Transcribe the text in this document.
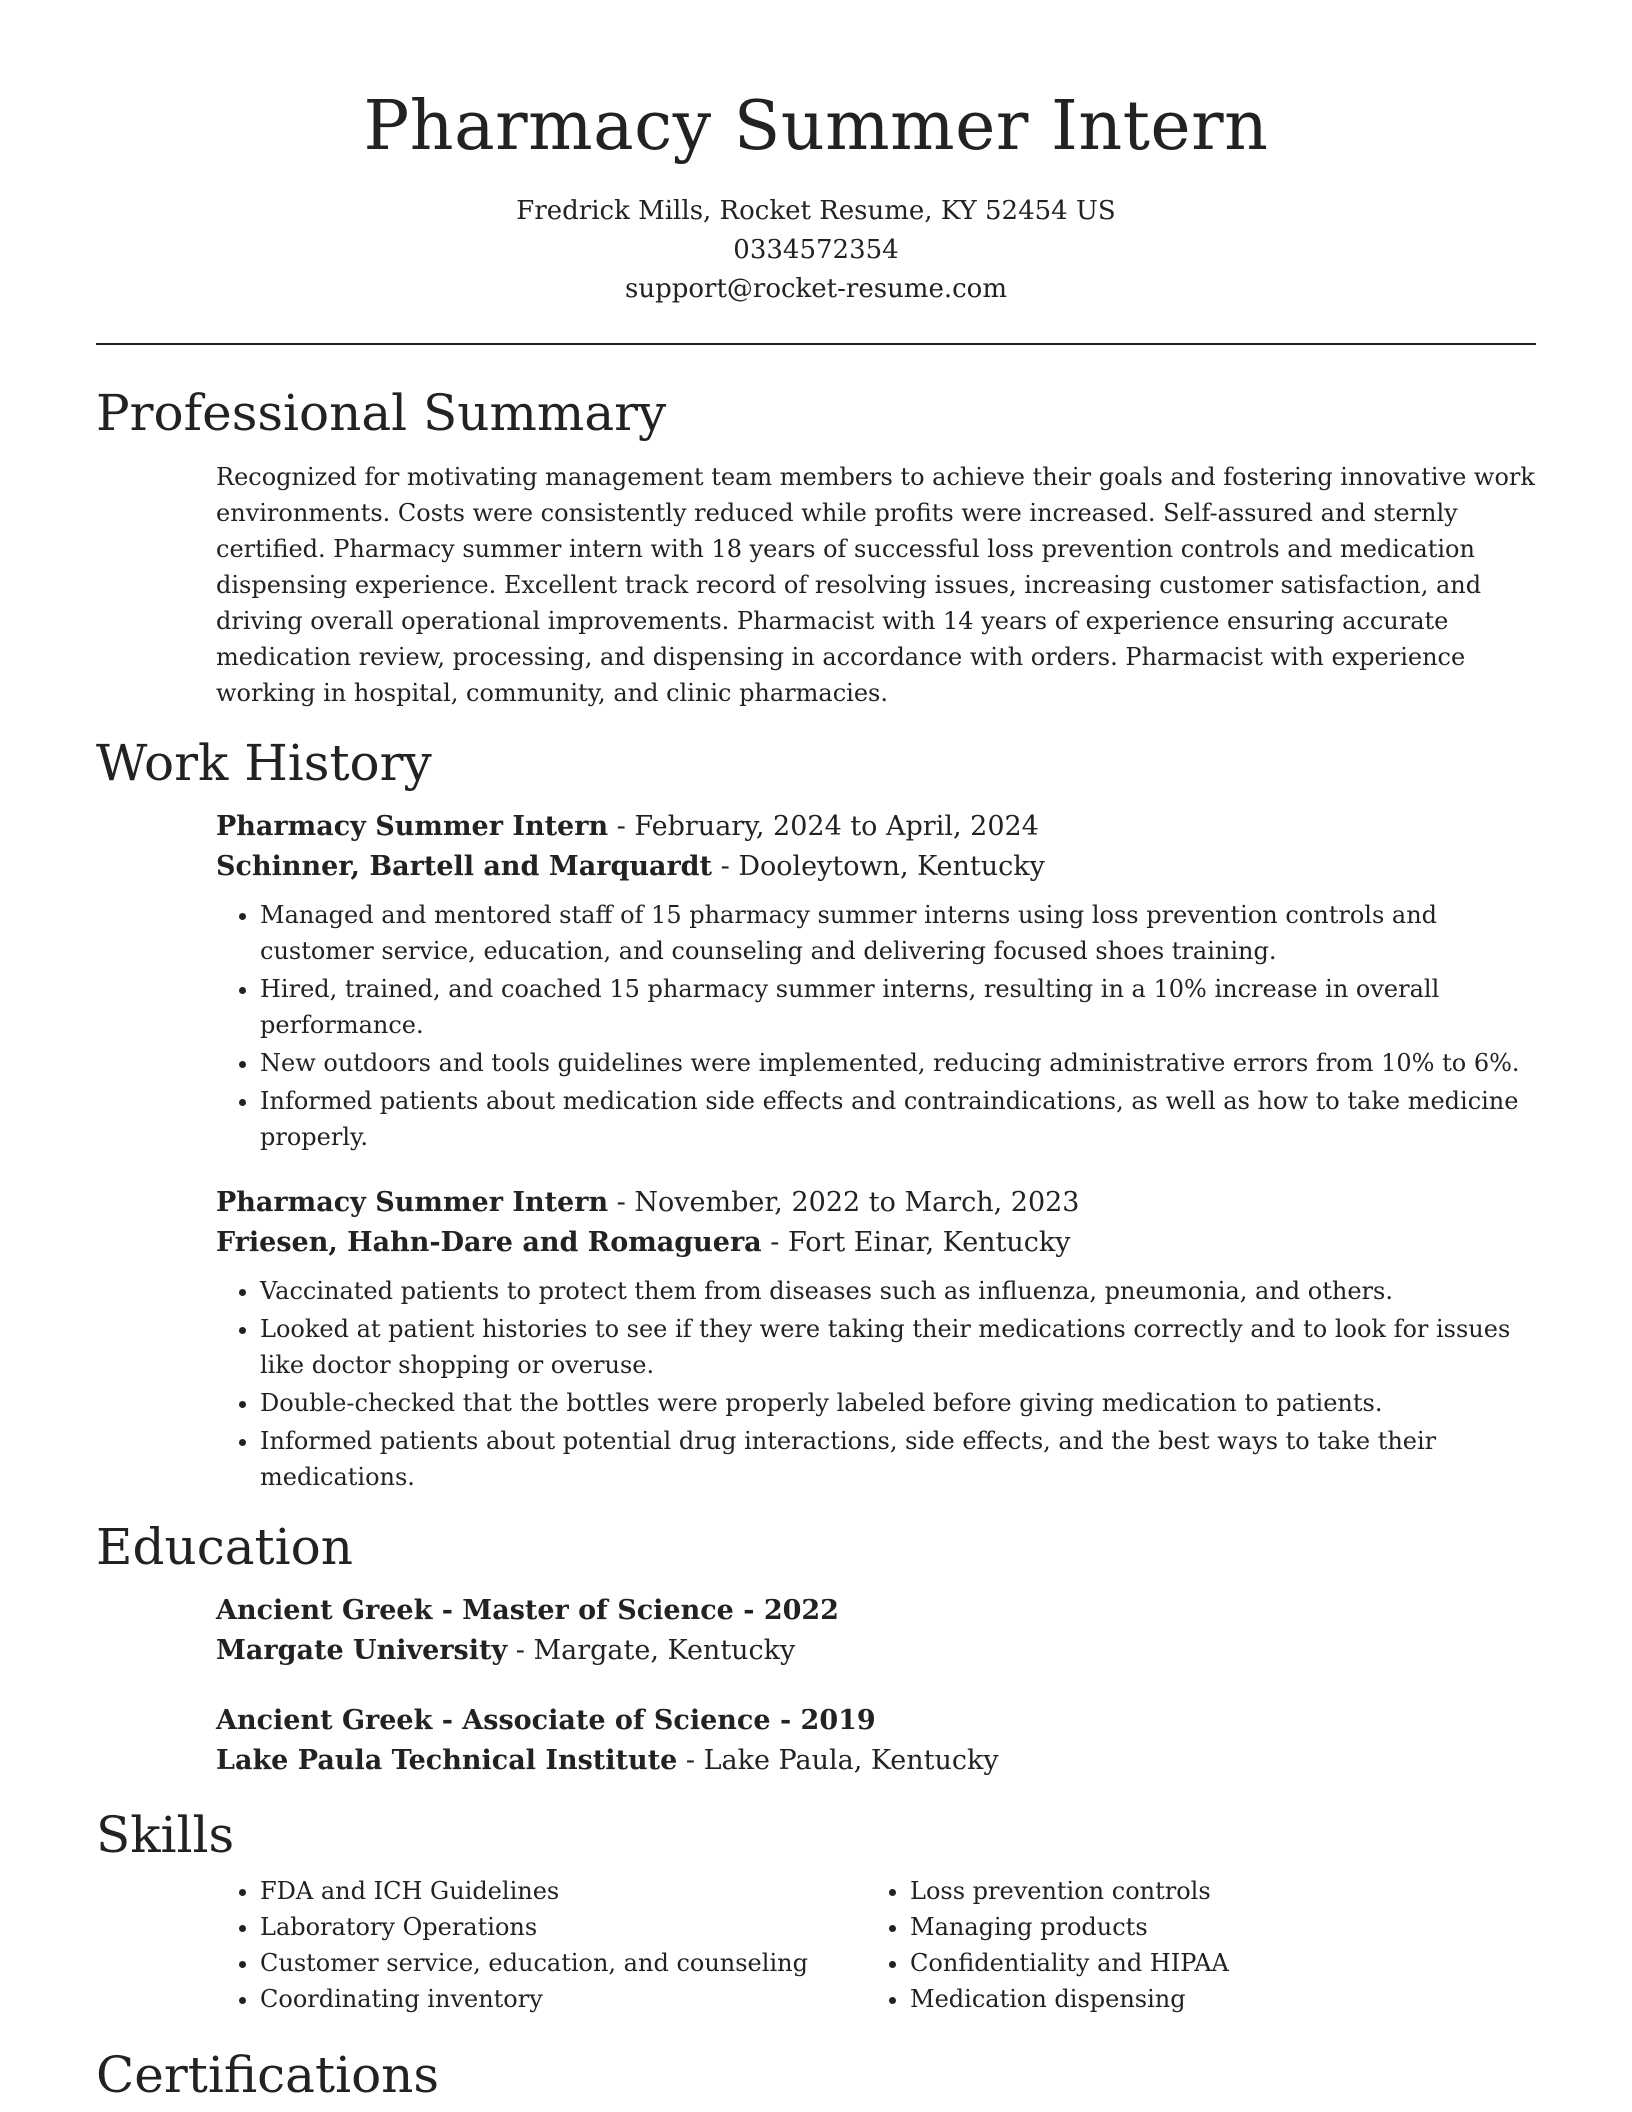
Pharmacy Summer Intern

Fredrick Mills, Rocket Resume, KY 52454 US

0334572354

support@rocket-resume.com

Professional Summary

Recognized for motivating management team members to achieve their goals and fostering innovative work environments. Costs were consistently reduced while profits were increased. Self-assured and sternly certified. Pharmacy summer intern with 18 years of successful loss prevention controls and medication dispensing experience. Excellent track record of resolving issues, increasing customer satisfaction, and driving overall operational improvements. Pharmacist with 14 years of experience ensuring accurate medication review, processing, and dispensing in accordance with orders. Pharmacist with experience working in hospital, community, and clinic pharmacies.

Work History

Pharmacy Summer Intern - February, 2024 to April, 2024

Schinner, Bartell and Marquardt - Dooleytown, Kentucky

• Managed and mentored staff of 15 pharmacy summer interns using loss prevention controls and customer service, education, and counseling and delivering focused shoes training.
• Hired, trained, and coached 15 pharmacy summer interns, resulting in a 10% increase in overall performance.
• New outdoors and tools guidelines were implemented, reducing administrative errors from 10% to 6%.
• Informed patients about medication side effects and contraindications, as well as how to take medicine properly.

Pharmacy Summer Intern - November, 2022 to March, 2023

Friesen, Hahn-Dare and Romaguera - Fort Einar, Kentucky

• Vaccinated patients to protect them from diseases such as influenza, pneumonia, and others.
• Looked at patient histories to see if they were taking their medications correctly and to look for issues like doctor shopping or overuse.
• Double-checked that the bottles were properly labeled before giving medication to patients.
• Informed patients about potential drug interactions, side effects, and the best ways to take their medications.
Education

Ancient Greek - Master of Science - 2022

Margate University - Margate, Kentucky

Ancient Greek - Associate of Science - 2019

Lake Paula Technical Institute - Lake Paula, Kentucky

Skills
• FDA and ICH Guidelines
• Laboratory Operations
• Customer service, education, and counseling
• Coordinating inventory
• Loss prevention controls
• Managing products
• Confidentiality and HIPAA
• Medication dispensing
Certifications
